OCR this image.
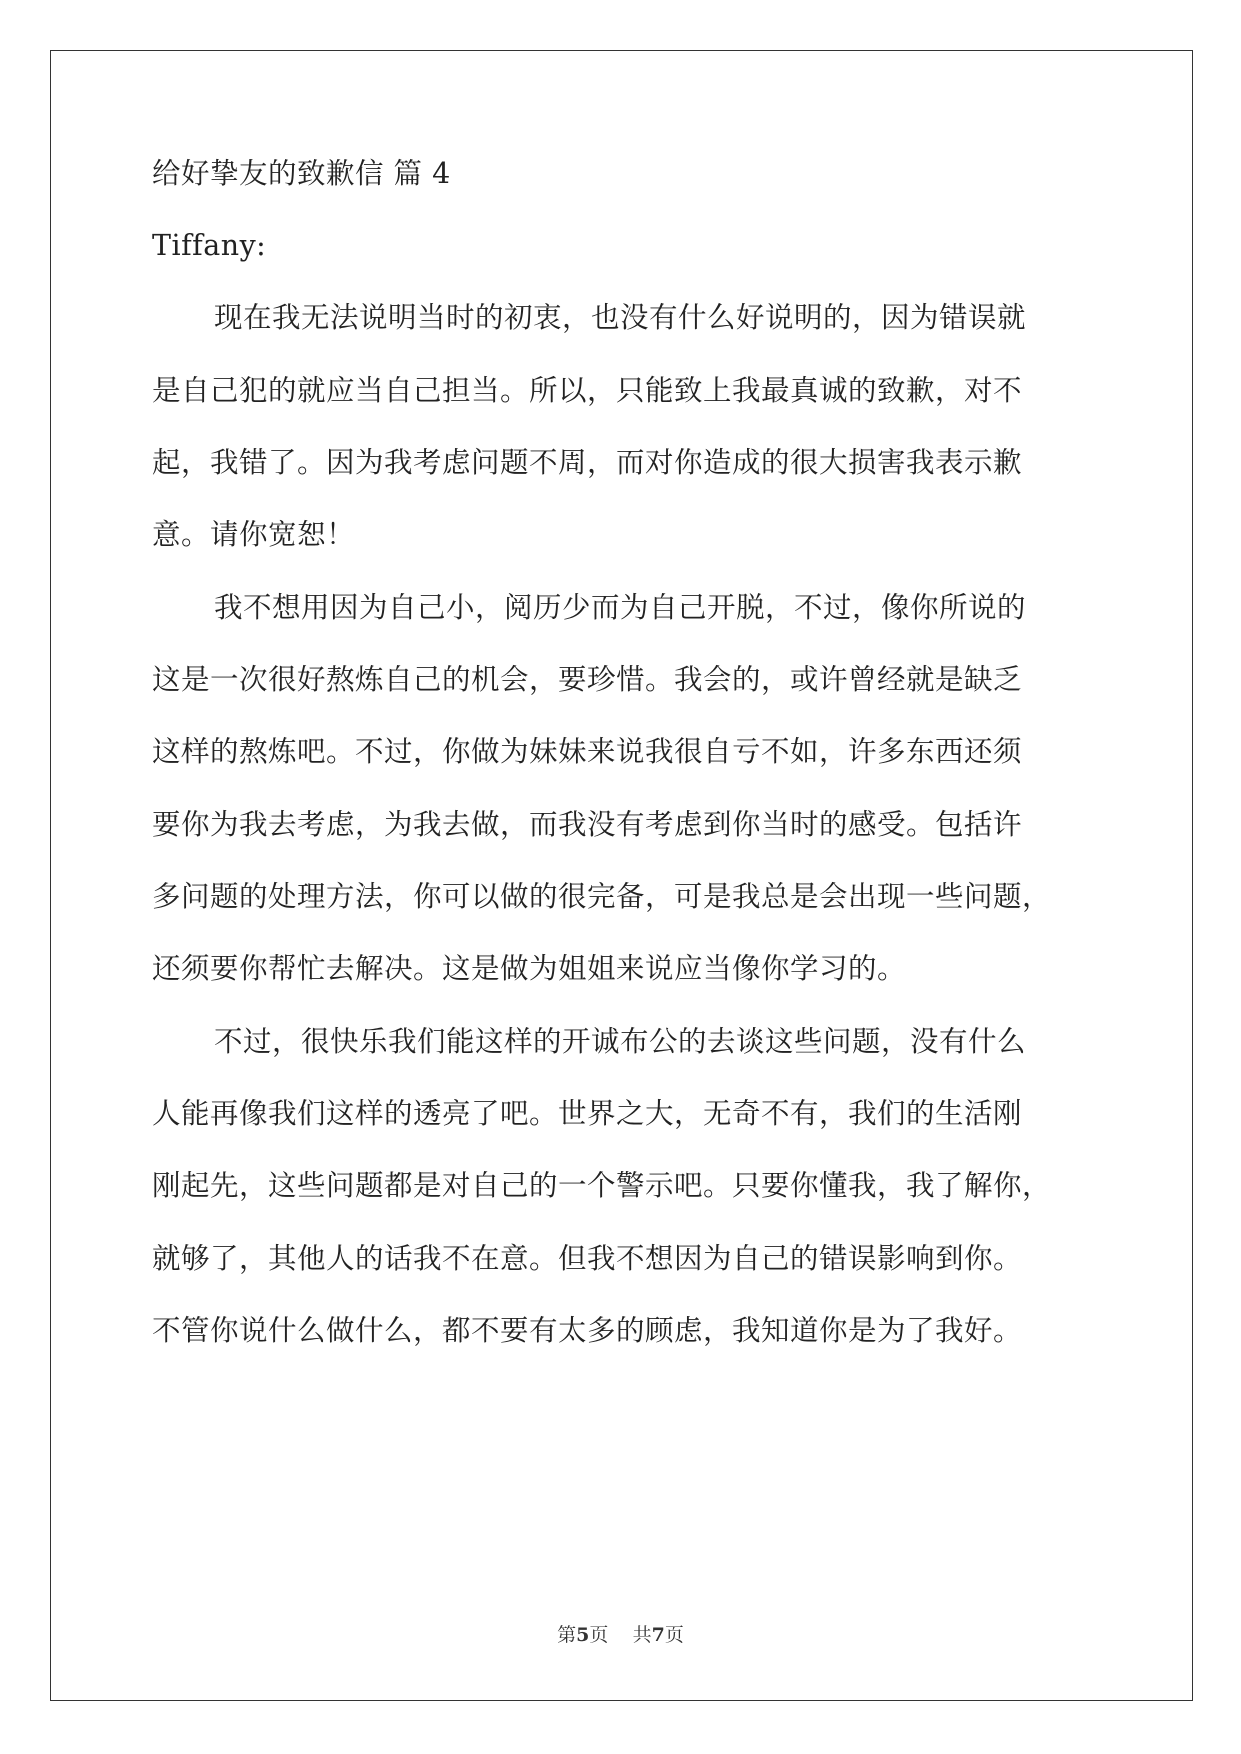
给好挚友的致歉信 篇 4
Tiffany:
现在我无法说明当时的初衷，也没有什么好说明的，因为错误就
是自己犯的就应当自己担当。所以，只能致上我最真诚的致歉，对不
起，我错了。因为我考虑问题不周，而对你造成的很大损害我表示歉
意。请你宽恕！
我不想用因为自己小，阅历少而为自己开脱，不过，像你所说的
这是一次很好熬炼自己的机会，要珍惜。我会的，或许曾经就是缺乏
这样的熬炼吧。不过，你做为妹妹来说我很自亏不如，许多东西还须
要你为我去考虑，为我去做，而我没有考虑到你当时的感受。包括许
多问题的处理方法，你可以做的很完备，可是我总是会出现一些问题，
还须要你帮忙去解决。这是做为姐姐来说应当像你学习的。
不过，很快乐我们能这样的开诚布公的去谈这些问题，没有什么
人能再像我们这样的透亮了吧。世界之大，无奇不有，我们的生活刚
刚起先，这些问题都是对自己的一个警示吧。只要你懂我，我了解你，
就够了，其他人的话我不在意。但我不想因为自己的错误影响到你。
不管你说什么做什么，都不要有太多的顾虑，我知道你是为了我好。
第5页 共7页
